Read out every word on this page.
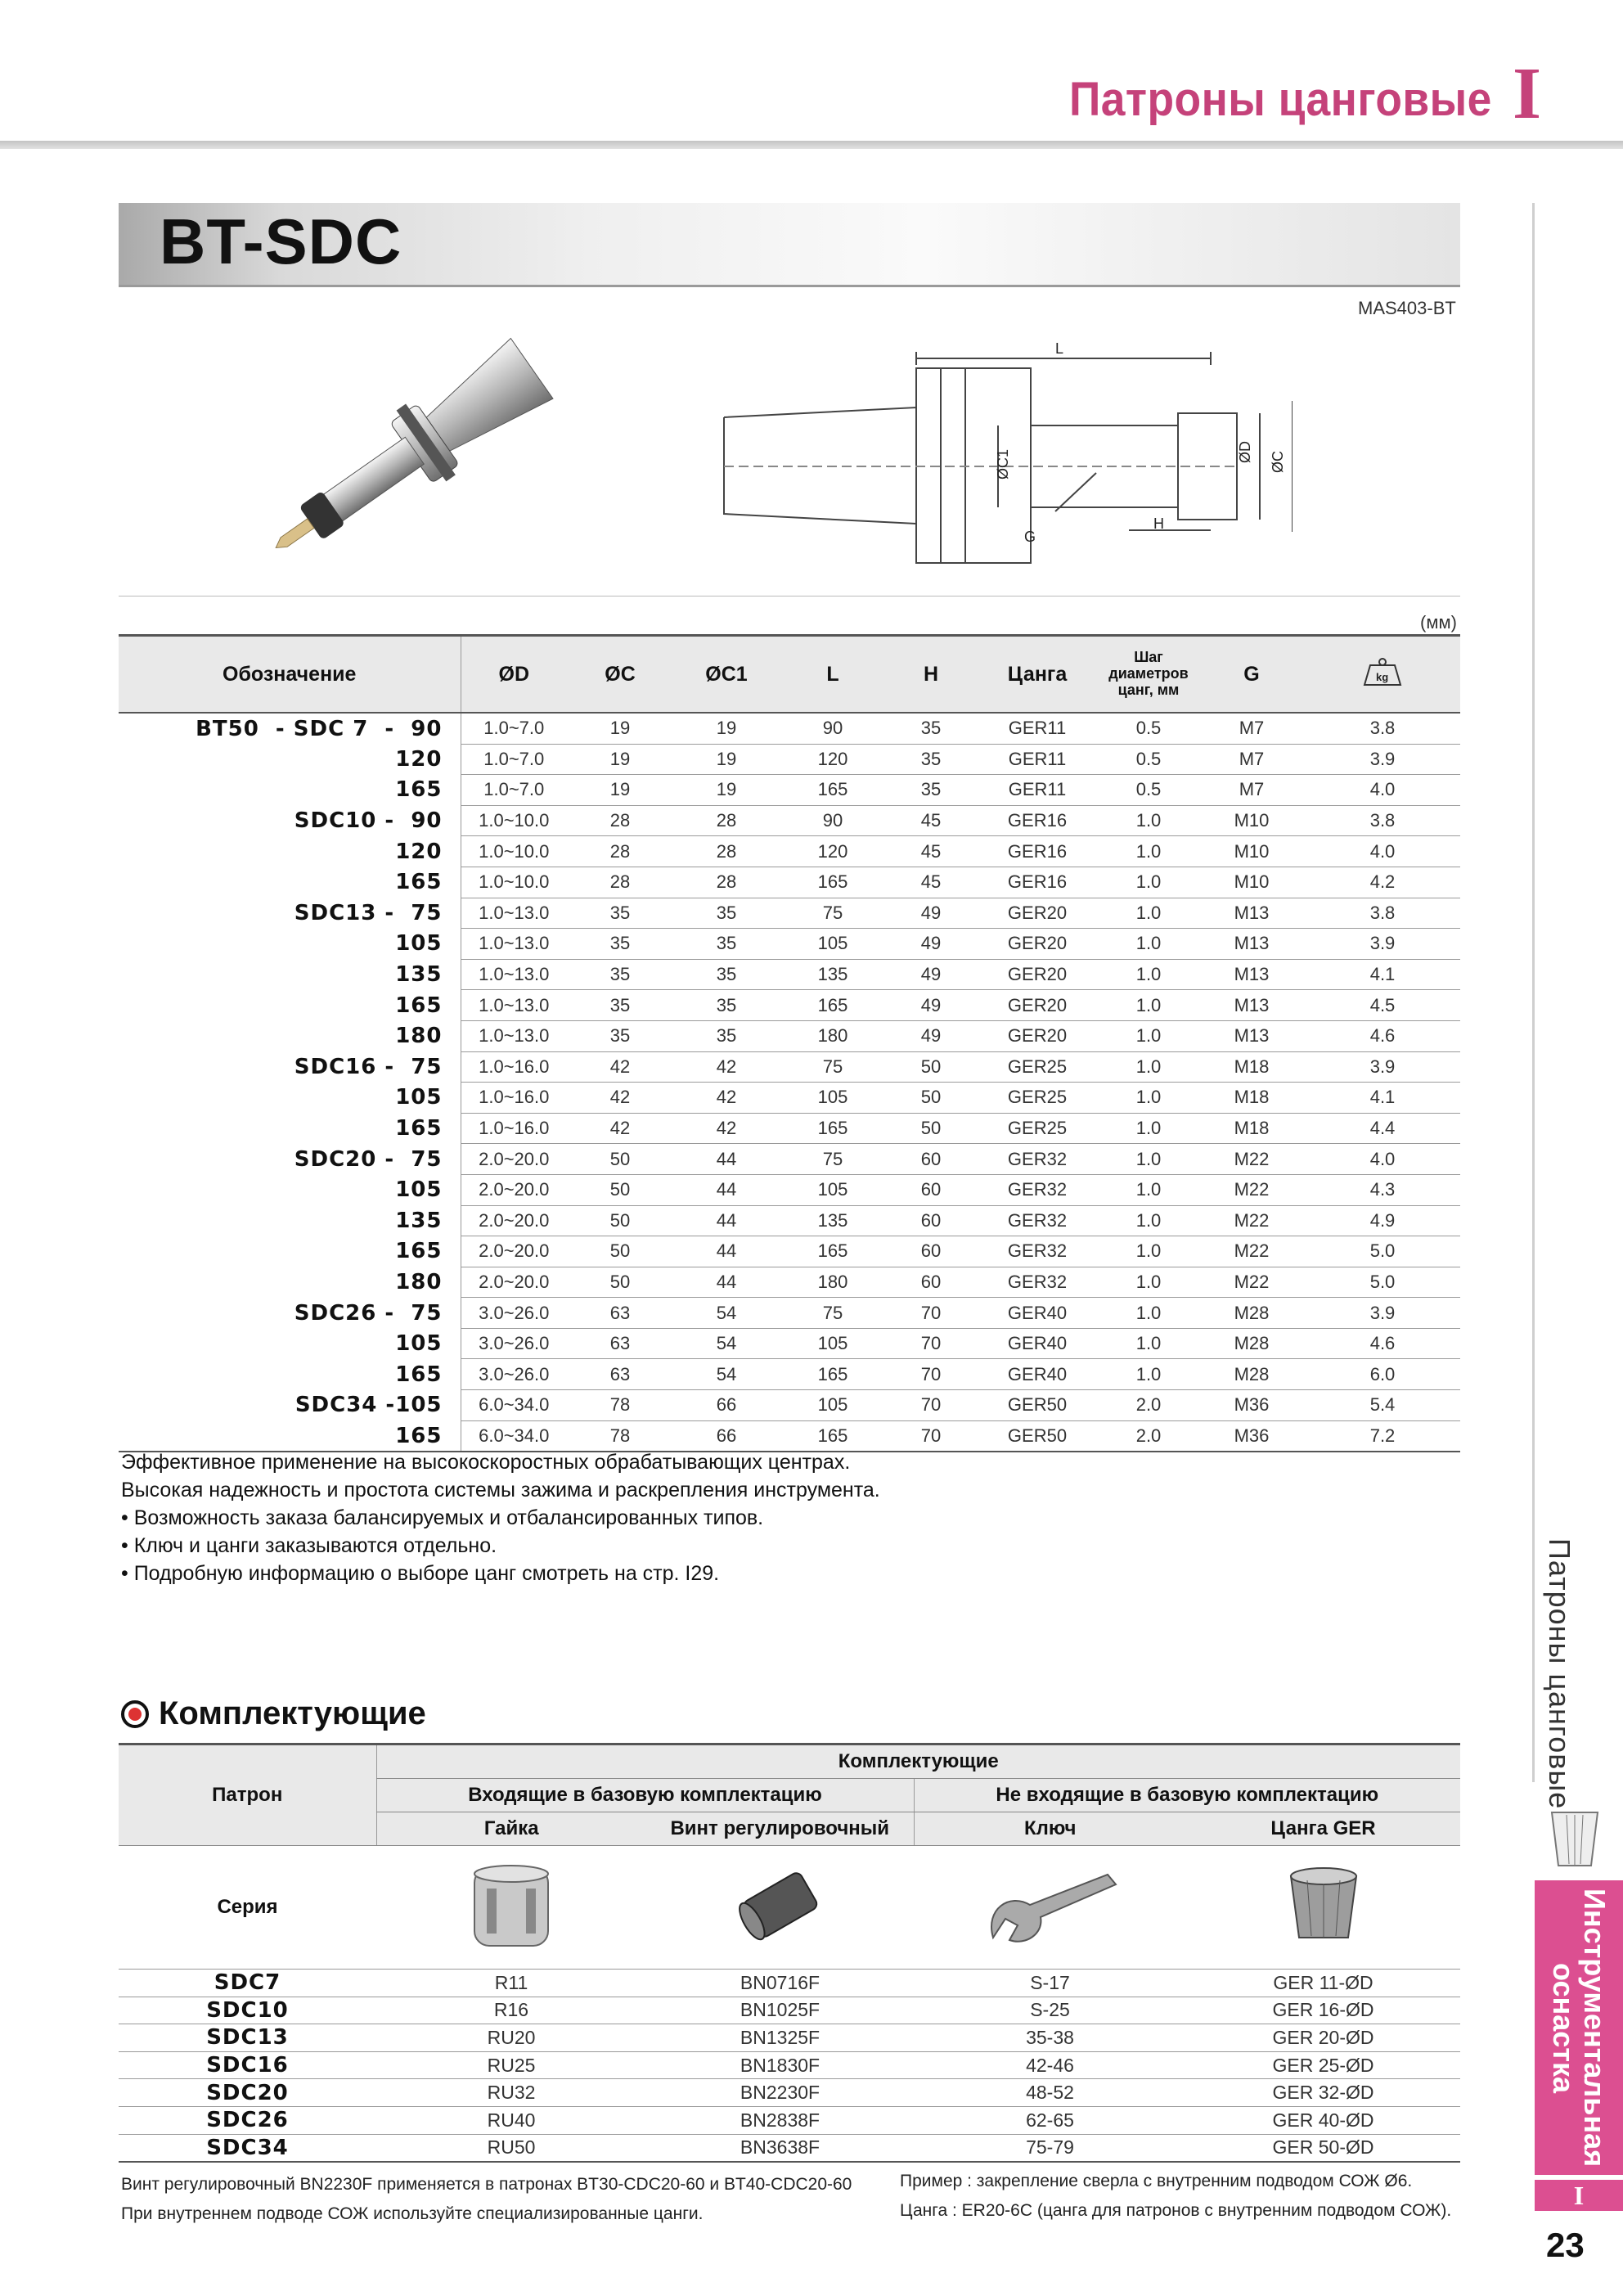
Патроны цанговые I
BT-SDC
MAS403-BT
L
ØC1	ØD ØC
G
H
(мм)
Обозначение	ØD	ØC	ØC1	L	H	Цанга	Шаг
диаметров
цанг, мм	G	kg

BT50  - SDC 7  -  90	1.0~7.0	19	19	90	35	GER11	0.5	M7	3.8
120	1.0~7.0	19	19	120	35	GER11	0.5	M7	3.9
165	1.0~7.0	19	19	165	35	GER11	0.5	M7	4.0
SDC10 -  90	1.0~10.0	28	28	90	45	GER16	1.0	M10	3.8
120	1.0~10.0	28	28	120	45	GER16	1.0	M10	4.0
165	1.0~10.0	28	28	165	45	GER16	1.0	M10	4.2
SDC13 -  75	1.0~13.0	35	35	75	49	GER20	1.0	M13	3.8
105	1.0~13.0	35	35	105	49	GER20	1.0	M13	3.9
135	1.0~13.0	35	35	135	49	GER20	1.0	M13	4.1
165	1.0~13.0	35	35	165	49	GER20	1.0	M13	4.5
180	1.0~13.0	35	35	180	49	GER20	1.0	M13	4.6
SDC16 -  75	1.0~16.0	42	42	75	50	GER25	1.0	M18	3.9
105	1.0~16.0	42	42	105	50	GER25	1.0	M18	4.1
165	1.0~16.0	42	42	165	50	GER25	1.0	M18	4.4
SDC20 -  75	2.0~20.0	50	44	75	60	GER32	1.0	M22	4.0
105	2.0~20.0	50	44	105	60	GER32	1.0	M22	4.3
135	2.0~20.0	50	44	135	60	GER32	1.0	M22	4.9
165	2.0~20.0	50	44	165	60	GER32	1.0	M22	5.0
180	2.0~20.0	50	44	180	60	GER32	1.0	M22	5.0
SDC26 -  75	3.0~26.0	63	54	75	70	GER40	1.0	M28	3.9
105	3.0~26.0	63	54	105	70	GER40	1.0	M28	4.6
165	3.0~26.0	63	54	165	70	GER40	1.0	M28	6.0
SDC34 -105	6.0~34.0	78	66	105	70	GER50	2.0	M36	5.4
165	6.0~34.0	78	66	165	70	GER50	2.0	M36	7.2
Эффективное применение на высокоскоростных обрабатывающих центрах.
Высокая надежность и простота системы зажима и раскрепления инструмента.
• Возможность заказа балансируемых и отбалансированных типов.
• Ключ и цанги заказываются отдельно.
• Подробную информацию о выборе цанг смотреть на стр. I29.
Комплектующие
Патрон	Комплектующие			
	Входящие в базовую комплектацию		Не входящие в базовую комплектацию	
	Гайка	Винт регулировочный	Ключ	Цанга GER
Серия				
SDC7	R11	BN0716F	S-17	GER 11-ØD
SDC10	R16	BN1025F	S-25	GER 16-ØD
SDC13	RU20	BN1325F	35-38	GER 20-ØD
SDC16	RU25	BN1830F	42-46	GER 25-ØD
SDC20	RU32	BN2230F	48-52	GER 32-ØD
SDC26	RU40	BN2838F	62-65	GER 40-ØD
SDC34	RU50	BN3638F	75-79	GER 50-ØD
Винт регулировочный BN2230F применяется в патронах BT30-CDC20-60 и BT40-CDC20-60
При внутреннем подводе СОЖ используйте специализированные цанги.
Пример : закрепление сверла с внутренним подводом СОЖ Ø6.
Цанга : ER20-6C (цанга для патронов с внутренним подводом СОЖ).
Патроны цанговые
Инструментальная оснастка
I
23
